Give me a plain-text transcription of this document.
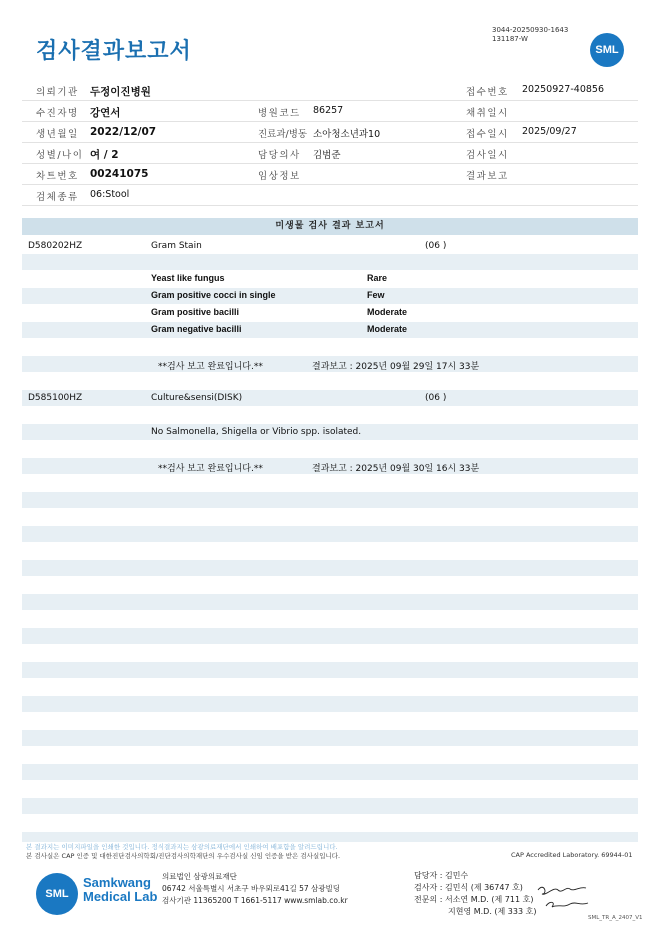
검사결과보고서
3044-20250930-1643
131187-W
SML
의뢰기관 두정이진병원	접수번호 20250927-40856
수진자명 강연서	병원코드 86257	채취일시
생년월일 2022/12/07	진료과/병동 소아청소년과10	접수일시 2025/09/27
성별/나이 여 / 2	담당의사 김범준	검사일시
차트번호 00241075	임상정보	결과보고
검체종류 06:Stool
미생물 검사 결과 보고서
D580202HZ	Gram Stain	(06 )
Yeast like fungus	Rare
Gram positive cocci in single	Few
Gram positive bacilli	Moderate
Gram negative bacilli	Moderate
**검사 보고 완료입니다.**	결과보고 : 2025년 09월 29일 17시 33분
D585100HZ	Culture&sensi(DISK)	(06 )
No Salmonella, Shigella or Vibrio spp. isolated.
**검사 보고 완료입니다.**	결과보고 : 2025년 09월 30일 16시 33분
본 결과지는 이미지파일을 인쇄한 것입니다. 정식결과지는 삼광의료재단에서 인쇄하여 배포함을 알려드립니다.
본 검사실은 CAP 인증 및 대한진단검사의학회/진단검사의학재단의 우수검사실 신임 인증을 받은 검사실입니다.	CAP Accredited Laboratory. 69944-01
SML
Samkwang
Medical Lab
의료법인 삼광의료재단
06742 서울특별시 서초구 바우뫼로41길 57 삼광빌딩
검사기관 11365200 T 1661-5117 www.smlab.co.kr
담당자 : 김민수
검사자 : 김민식 (제 36747 호)
전문의 : 서소연 M.D. (제 711 호)
지현영 M.D. (제 333 호)
SML_TR_A_2407_V1
